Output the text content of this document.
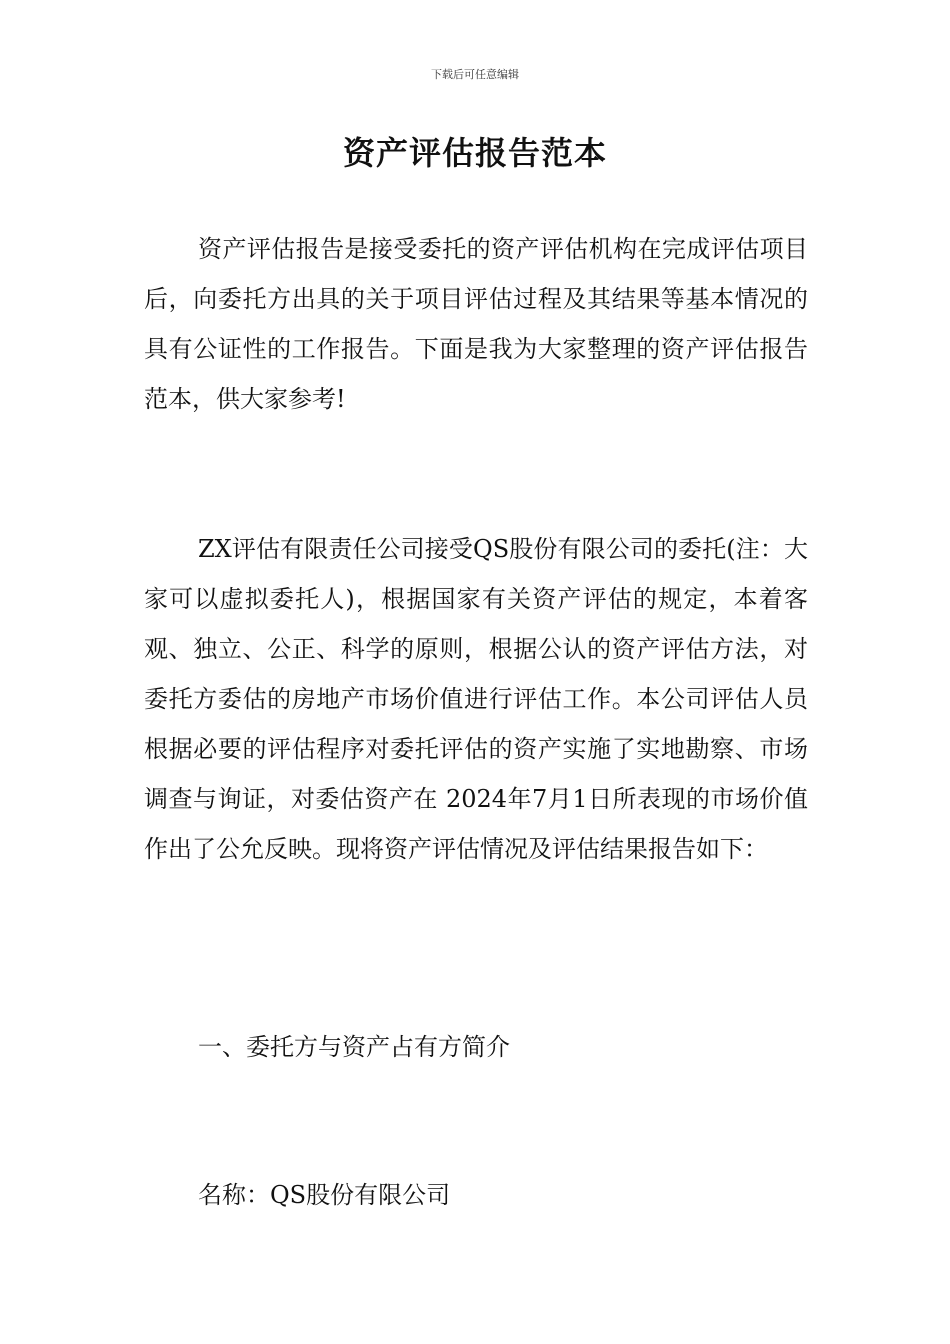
下载后可任意编辑
资产评估报告范本

资产评估报告是接受委托的资产评估机构在完成评估项目后，向委托方出具的关于项目评估过程及其结果等基本情况的具有公证性的工作报告。下面是我为大家整理的资产评估报告范本，供大家参考!

ZX评估有限责任公司接受QS股份有限公司的委托(注：大家可以虚拟委托人)，根据国家有关资产评估的规定，本着客观、独立、公正、科学的原则，根据公认的资产评估方法，对委托方委估的房地产市场价值进行评估工作。本公司评估人员根据必要的评估程序对委托评估的资产实施了实地勘察、市场调查与询证，对委估资产在 2024年7月1日所表现的市场价值作出了公允反映。现将资产评估情况及评估结果报告如下：

一、委托方与资产占有方简介

名称：QS股份有限公司
